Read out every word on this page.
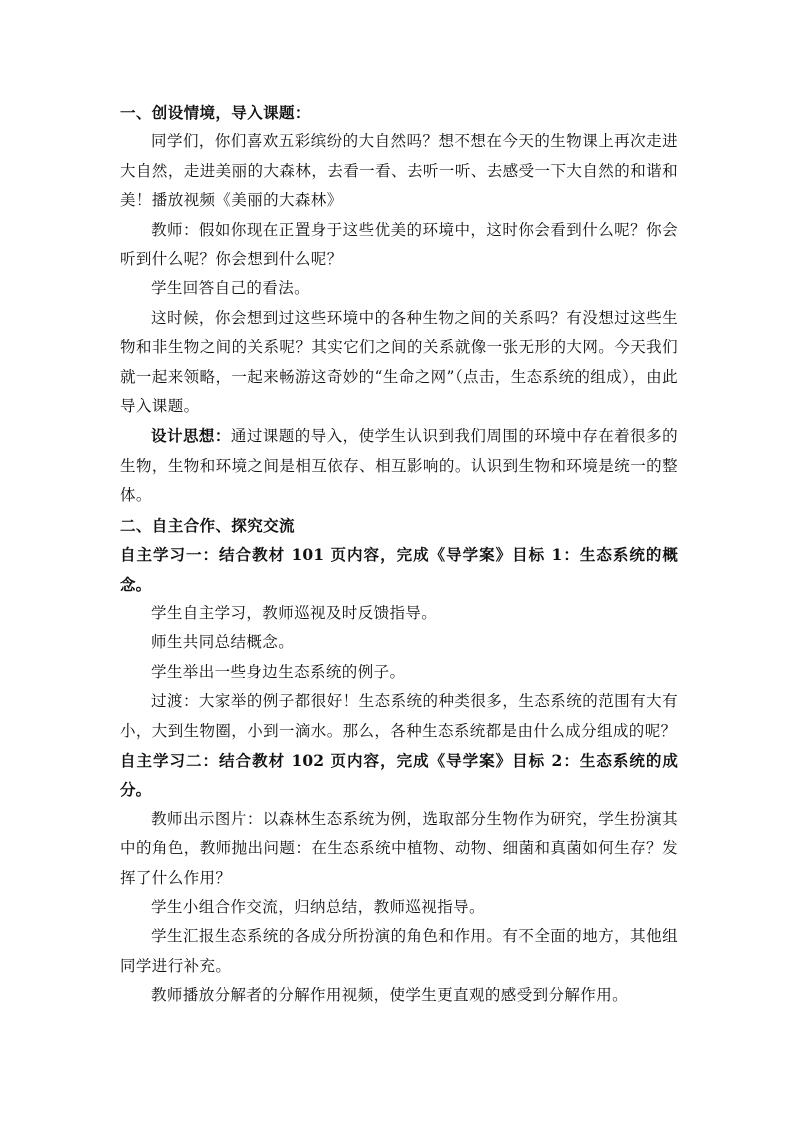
一、创设情境，导入课题：

同学们，你们喜欢五彩缤纷的大自然吗？想不想在今天的生物课上再次走进大自然，走进美丽的大森林，去看一看、去听一听、去感受一下大自然的和谐和美！播放视频《美丽的大森林》

教师：假如你现在正置身于这些优美的环境中，这时你会看到什么呢？你会听到什么呢？你会想到什么呢？

学生回答自己的看法。

这时候，你会想到过这些环境中的各种生物之间的关系吗？有没想过这些生物和非生物之间的关系呢？其实它们之间的关系就像一张无形的大网。今天我们就一起来领略，一起来畅游这奇妙的“生命之网”（点击，生态系统的组成），由此导入课题。

设计思想：通过课题的导入，使学生认识到我们周围的环境中存在着很多的生物，生物和环境之间是相互依存、相互影响的。认识到生物和环境是统一的整体。

二、自主合作、探究交流

自主学习一：结合教材 101 页内容，完成《导学案》目标 1：生态系统的概念。

学生自主学习，教师巡视及时反馈指导。

师生共同总结概念。

学生举出一些身边生态系统的例子。

过渡：大家举的例子都很好！生态系统的种类很多，生态系统的范围有大有小，大到生物圈，小到一滴水。那么，各种生态系统都是由什么成分组成的呢？

自主学习二：结合教材 102 页内容，完成《导学案》目标 2：生态系统的成分。

教师出示图片：以森林生态系统为例，选取部分生物作为研究，学生扮演其中的角色，教师抛出问题：在生态系统中植物、动物、细菌和真菌如何生存？发挥了什么作用？

学生小组合作交流，归纳总结，教师巡视指导。

学生汇报生态系统的各成分所扮演的角色和作用。有不全面的地方，其他组同学进行补充。

教师播放分解者的分解作用视频，使学生更直观的感受到分解作用。
